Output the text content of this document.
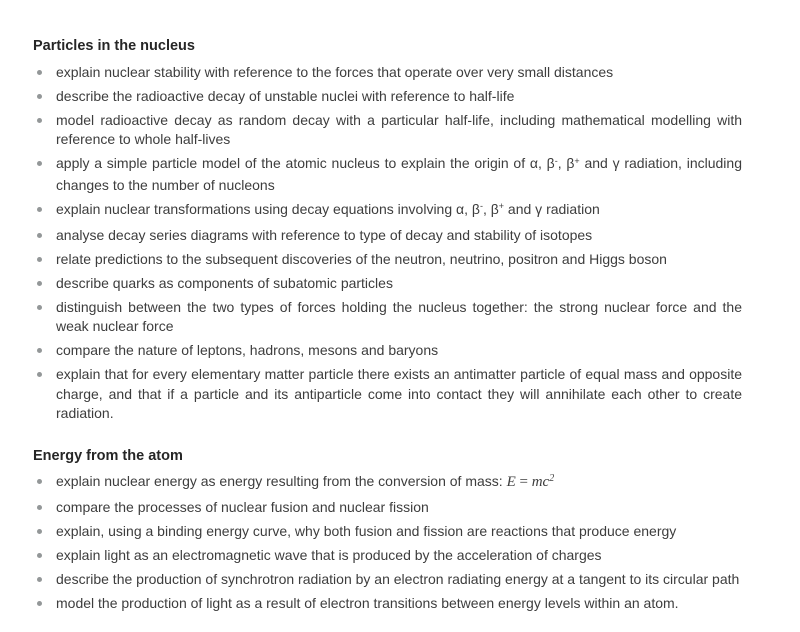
Particles in the nucleus
explain nuclear stability with reference to the forces that operate over very small distances
describe the radioactive decay of unstable nuclei with reference to half-life
model radioactive decay as random decay with a particular half-life, including mathematical modelling with reference to whole half-lives
apply a simple particle model of the atomic nucleus to explain the origin of α, β-, β+ and γ radiation, including changes to the number of nucleons
explain nuclear transformations using decay equations involving α, β-, β+ and γ radiation
analyse decay series diagrams with reference to type of decay and stability of isotopes
relate predictions to the subsequent discoveries of the neutron, neutrino, positron and Higgs boson
describe quarks as components of subatomic particles
distinguish between the two types of forces holding the nucleus together: the strong nuclear force and the weak nuclear force
compare the nature of leptons, hadrons, mesons and baryons
explain that for every elementary matter particle there exists an antimatter particle of equal mass and opposite charge, and that if a particle and its antiparticle come into contact they will annihilate each other to create radiation.
Energy from the atom
explain nuclear energy as energy resulting from the conversion of mass: $E = mc^2$
compare the processes of nuclear fusion and nuclear fission
explain, using a binding energy curve, why both fusion and fission are reactions that produce energy
explain light as an electromagnetic wave that is produced by the acceleration of charges
describe the production of synchrotron radiation by an electron radiating energy at a tangent to its circular path
model the production of light as a result of electron transitions between energy levels within an atom.
